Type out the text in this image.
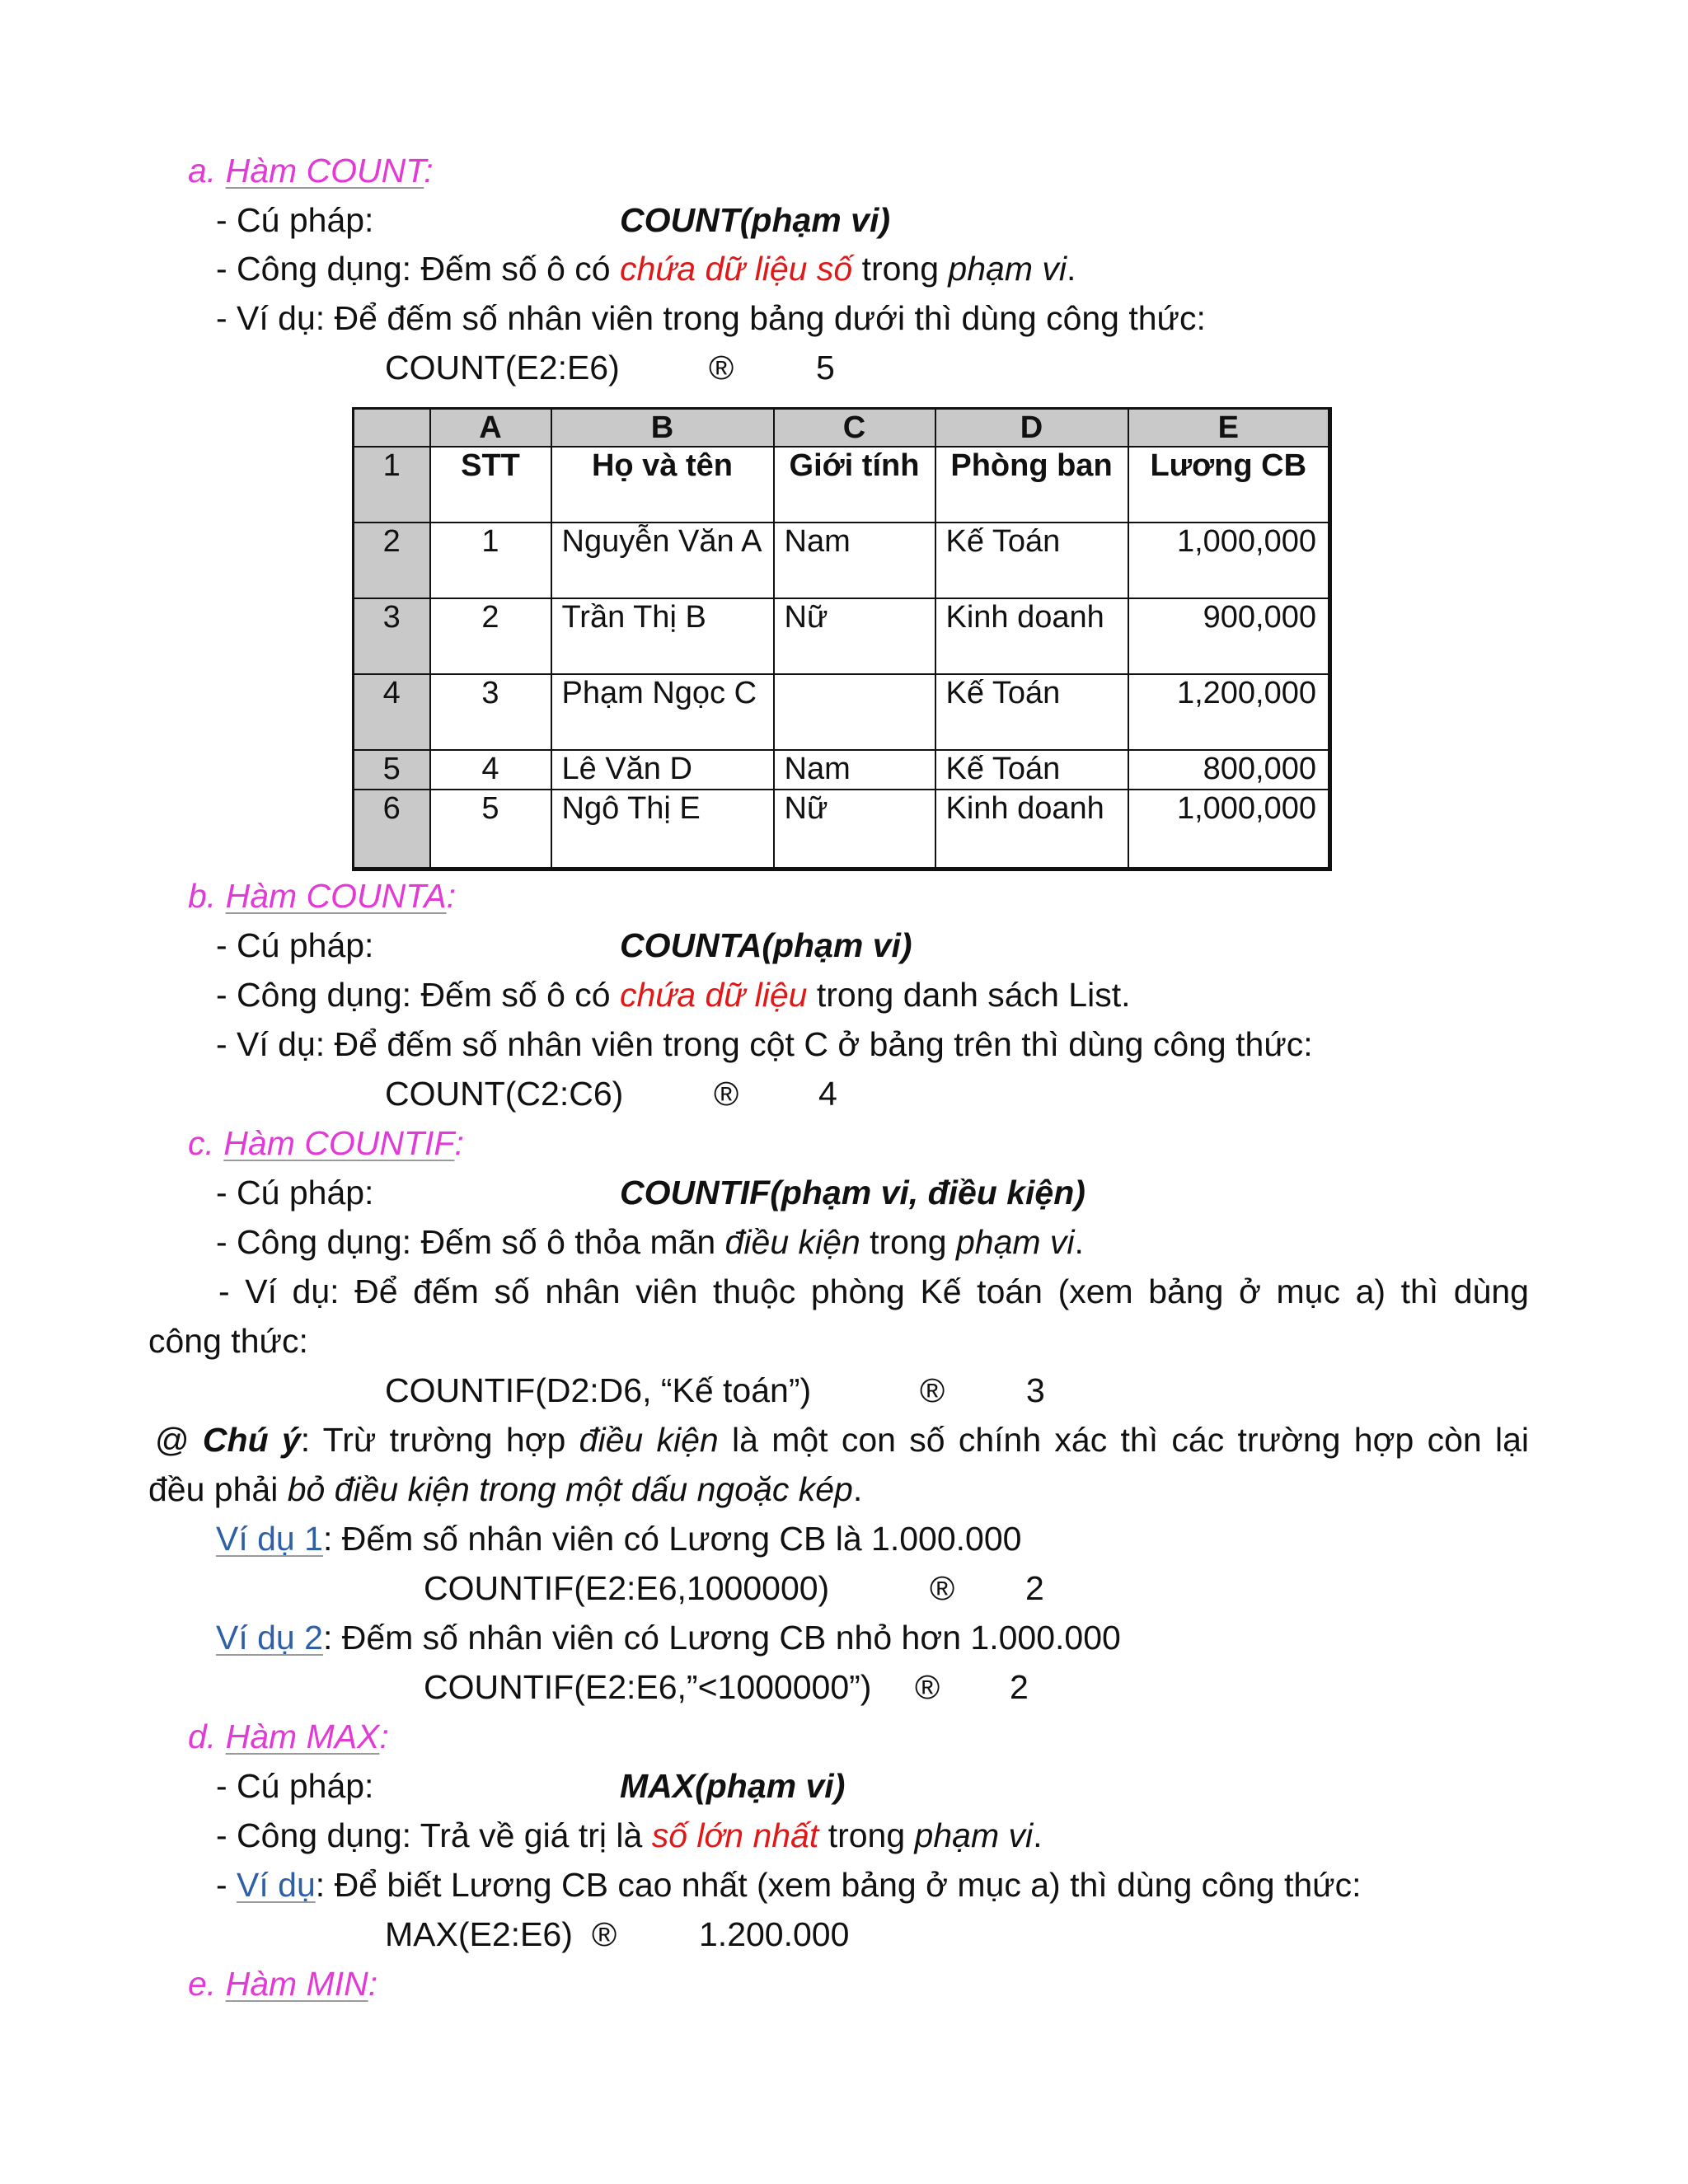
a. Hàm COUNT:
- Cú pháp:	COUNT(phạm vi)
- Công dụng: Đếm số ô có chứa dữ liệu số trong phạm vi.
- Ví dụ: Để đếm số nhân viên trong bảng dưới thì dùng công thức:
COUNT(E2:E6)	® 5
	A	B	C	D	E
1	STT	Họ và tên	Giới tính	Phòng ban	Lương CB
2	1	Nguyễn Văn A	Nam	Kế Toán	1,000,000
3	2	Trần Thị B	Nữ	Kinh doanh	900,000
4	3	Phạm Ngọc C		Kế Toán	1,200,000
5	4	Lê Văn D	Nam	Kế Toán	800,000
6	5	Ngô Thị E	Nữ	Kinh doanh	1,000,000
b. Hàm COUNTA:
- Cú pháp:	COUNTA(phạm vi)
- Công dụng: Đếm số ô có chứa dữ liệu trong danh sách List.
- Ví dụ: Để đếm số nhân viên trong cột C ở bảng trên thì dùng công thức:
COUNT(C2:C6)	® 4
c. Hàm COUNTIF:
- Cú pháp:	COUNTIF(phạm vi, điều kiện)
- Công dụng: Đếm số ô thỏa mãn điều kiện trong phạm vi.
- Ví dụ: Để đếm số nhân viên thuộc phòng Kế toán (xem bảng ở mục a) thì dùng
công thức:
COUNTIF(D2:D6, “Kế toán”)	® 3
@ Chú ý: Trừ trường hợp điều kiện là một con số chính xác thì các trường hợp còn lại
đều phải bỏ điều kiện trong một dấu ngoặc kép.
Ví dụ 1: Đếm số nhân viên có Lương CB là 1.000.000
COUNTIF(E2:E6,1000000)	® 2
Ví dụ 2: Đếm số nhân viên có Lương CB nhỏ hơn 1.000.000
COUNTIF(E2:E6,”<1000000”) ® 2
d. Hàm MAX:
- Cú pháp:	MAX(phạm vi)
- Công dụng: Trả về giá trị là số lớn nhất trong phạm vi.
- Ví dụ: Để biết Lương CB cao nhất (xem bảng ở mục a) thì dùng công thức:
MAX(E2:E6) ® 1.200.000
e. Hàm MIN:
